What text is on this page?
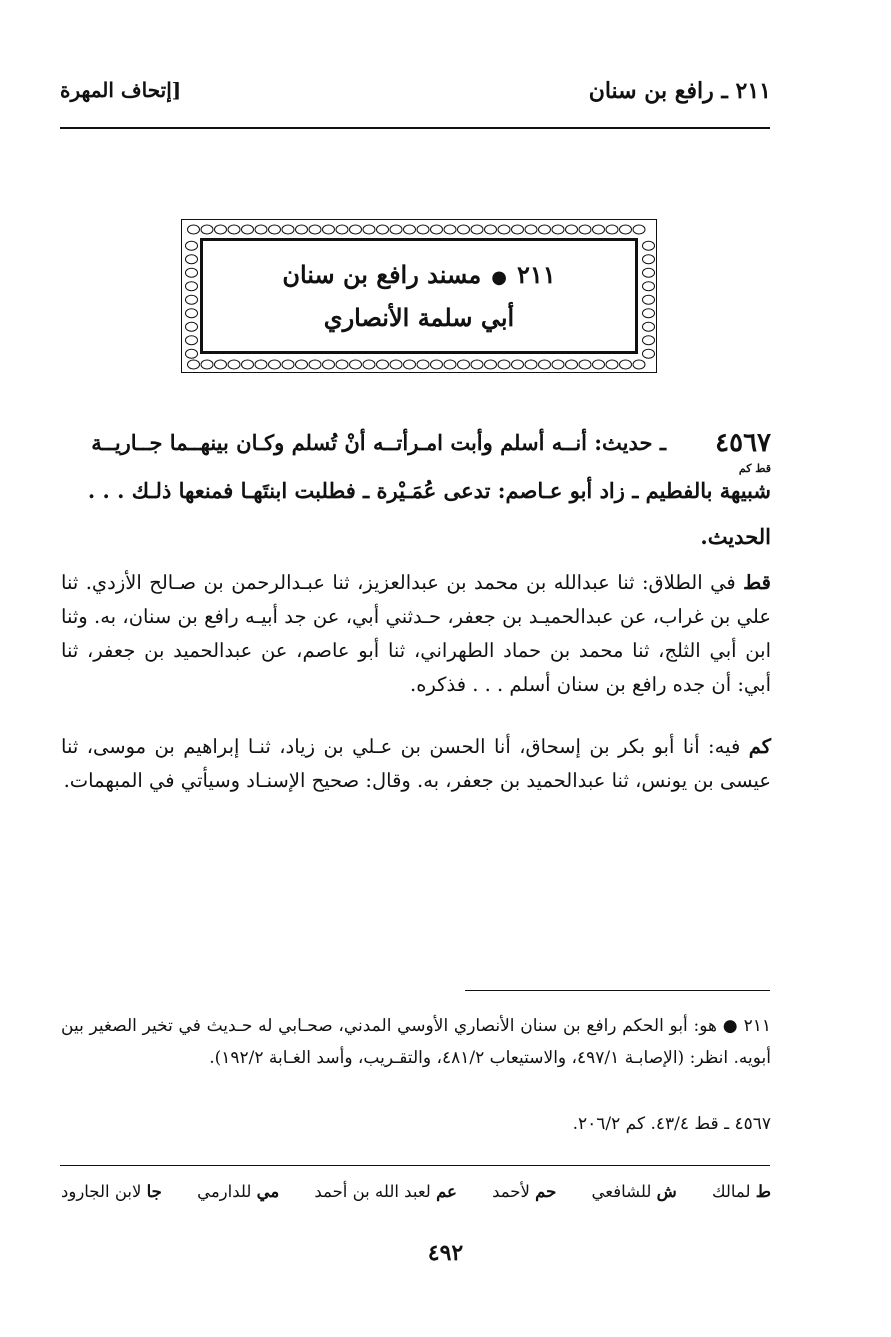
٢١١ ـ رافع بن سنان
[إتحاف المهرة
٢١١●مسند رافع بن سنان
أبي سلمة الأنصاري
٤٥٦٧
ـ حديث: أنــه أسلم وأبت امـرأتــه أنْ تُسلم وكـان بينهــما جــاريــة
قط كم
شبيهة بالفطيم ـ زاد أبو عـاصم: تدعى عُمَـيْرة ـ فطلبت ابنتَهـا فمنعها ذلـك . . .
الحديث.
قط في الطلاق: ثنا عبدالله بن محمد بن عبدالعزيز، ثنا عبـدالرحمن بن صـالح الأزدي. ثنا علي بن غراب، عن عبدالحميـد بن جعفر، حـدثني أبي، عن جد أبيـه رافع بن سنان، به. وثنا ابن أبي الثلج، ثنا محمد بن حماد الطهراني، ثنا أبو عاصم، عن عبدالحميد بن جعفر، ثنا أبي: أن جده رافع بن سنان أسلم . . . فذكره.
كم فيه: أنا أبو بكر بن إسحاق، أنا الحسن بن عـلي بن زياد، ثنـا إبراهيم بن موسى، ثنا عيسى بن يونس، ثنا عبدالحميد بن جعفر، به. وقال: صحيح الإسنـاد وسيأتي في المبهمات.
٢١١ ● هو: أبو الحكم رافع بن سنان الأنصاري الأوسي المدني، صحـابي له حـديث في تخير الصغير بين أبويه. انظر: (الإصابـة ٤٩٧/١، والاستيعاب ٤٨١/٢، والتقـريب، وأسد الغـابة ١٩٢/٢).
٤٥٦٧ ـ قط ٤٣/٤. كم ٢٠٦/٢.
ط لمالك
ش للشافعي
حم لأحمد
عم لعبد الله بن أحمد
مي للدارمي
جا لابن الجارود
٤٩٢
